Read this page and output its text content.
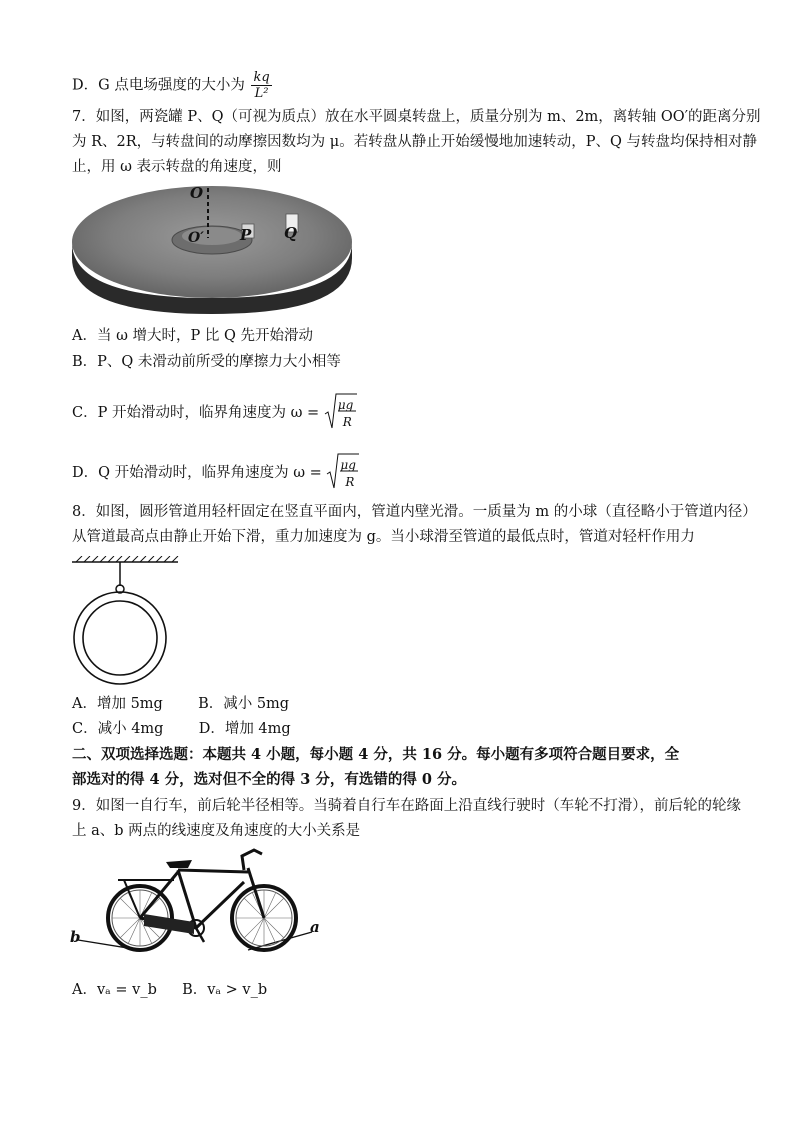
D．G 点电场强度的大小为 $\frac{kq}{\text{L²}}$
7．如图，两瓷罐 P、Q（可视为质点）放在水平圆桌转盘上，质量分别为 m、2m，离转轴 OO′的距离分别
为 R、2R，与转盘间的动摩擦因数均为 μ。若转盘从静止开始缓慢地加速转动，P、Q 与转盘均保持相对静
止，用 ω 表示转盘的角速度，则
O
O′ P Q
A．当 ω 增大时，P 比 Q 先开始滑动
B．P、Q 未滑动前所受的摩擦力大小相等
C．P 开始滑动时，临界角速度为 ω = μg
R
D．Q 开始滑动时，临界角速度为 ω = μg
R
8．如图，圆形管道用轻杆固定在竖直平面内，管道内壁光滑。一质量为 m 的小球（直径略小于管道内径）
从管道最高点由静止开始下滑，重力加速度为 g。当小球滑至管道的最低点时，管道对轻杆作用力
A．增加 5mg B．减小 5mg
C．减小 4mg D．增加 4mg
二、双项选择选题：本题共 4 小题，每小题 4 分，共 16 分。每小题有多项符合题目要求，全
部选对的得 4 分，选对但不全的得 3 分，有选错的得 0 分。
9．如图一自行车，前后轮半径相等。当骑着自行车在路面上沿直线行驶时（车轮不打滑），前后轮的轮缘
上 a、b 两点的线速度及角速度的大小关系是
b
a
A．vₐ = v_b B．vₐ > v_b
